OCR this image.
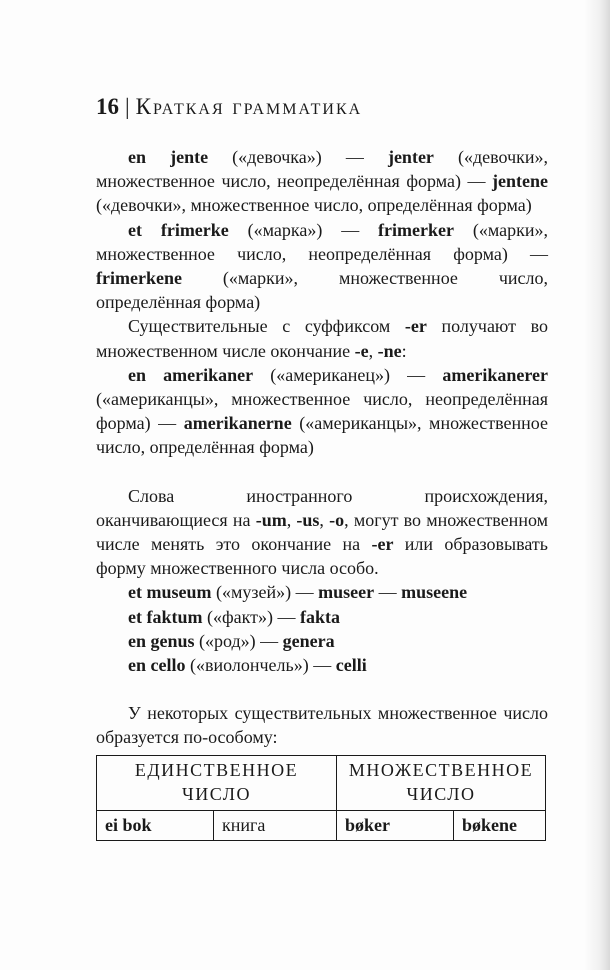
16 | Краткая грамматика

en jente («девочка») — jenter («девочки», множественное число, неопределённая форма) — jentene («девочки», множественное число, определённая форма)

et frimerke («марка») — frimerker («марки», множественное число, неопределённая форма) — frimerkene («марки», множественное число, определённая форма)

Существительные с суффиксом -er получают во множественном числе окончание -e, -ne:

en amerikaner («американец») — amerikanerer («американцы», множественное число, неопределённая форма) — amerikanerne («американцы», множественное число, определённая форма)

Слова иностранного происхождения, оканчивающиеся на -um, -us, -o, могут во множественном числе менять это окончание на -er или образовывать форму множественного числа особо.

et museum («музей») — museer — museene

et faktum («факт») — fakta

en genus («род») — genera

en cello («виолончель») — celli

У некоторых существительных множественное число образуется по-особому:

ЕДИНСТВЕННОЕ ЧИСЛО		МНОЖЕСТВЕННОЕ ЧИСЛО	
ei bok	книга	bøker	bøkene
